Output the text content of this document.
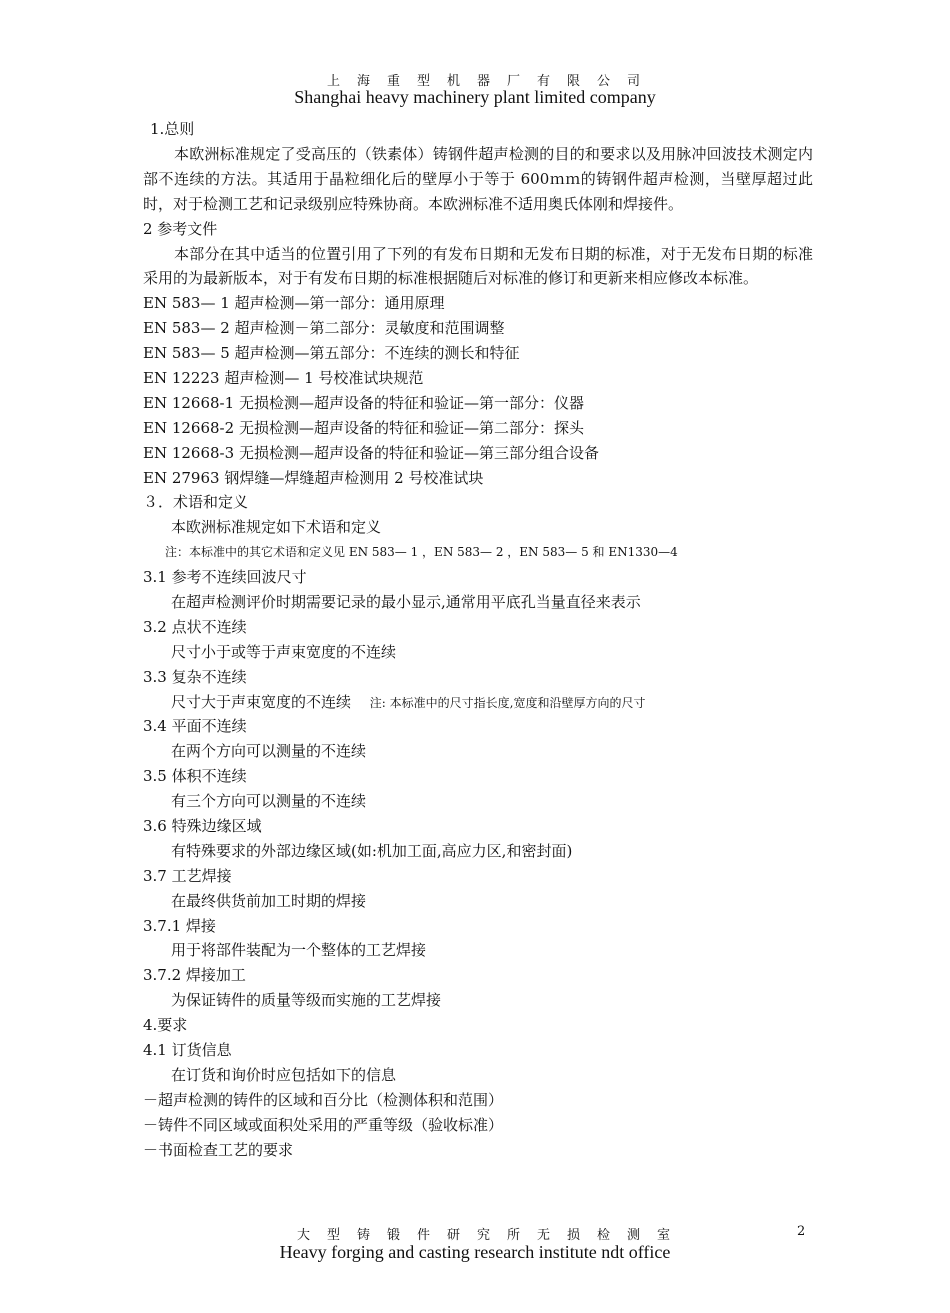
上海重型机器厂有限公司
Shanghai heavy machinery plant limited company
1.总则
本欧洲标准规定了受高压的（铁素体）铸钢件超声检测的目的和要求以及用脉冲回波技术测定内部不连续的方法。其适用于晶粒细化后的壁厚小于等于 600ｍｍ的铸钢件超声检测，当壁厚超过此时，对于检测工艺和记录级别应特殊协商。本欧洲标准不适用奥氏体刚和焊接件。
2 参考文件
本部分在其中适当的位置引用了下列的有发布日期和无发布日期的标准，对于无发布日期的标准采用的为最新版本，对于有发布日期的标准根据随后对标准的修订和更新来相应修改本标准。
EN 583— 1 超声检测—第一部分：通用原理
EN 583— 2 超声检测－第二部分：灵敏度和范围调整
EN 583— 5 超声检测—第五部分：不连续的测长和特征
EN 12223 超声检测— 1 号校准试块规范
EN 12668-1 无损检测—超声设备的特征和验证—第一部分：仪器
EN 12668-2 无损检测—超声设备的特征和验证—第二部分：探头
EN 12668-3 无损检测—超声设备的特征和验证—第三部分组合设备
EN 27963 钢焊缝—焊缝超声检测用 2 号校准试块
３．术语和定义
本欧洲标准规定如下术语和定义
注：本标准中的其它术语和定义见 EN 583— 1 ，EN 583— 2 ，EN 583— 5 和 EN1330—4
3.1 参考不连续回波尺寸
在超声检测评价时期需要记录的最小显示,通常用平底孔当量直径来表示
3.2 点状不连续
尺寸小于或等于声束宽度的不连续
3.3 复杂不连续
尺寸大于声束宽度的不连续 注: 本标准中的尺寸指长度,宽度和沿壁厚方向的尺寸
3.4 平面不连续
在两个方向可以测量的不连续
3.5 体积不连续
有三个方向可以测量的不连续
3.6 特殊边缘区域
有特殊要求的外部边缘区域(如:机加工面,高应力区,和密封面)
3.7 工艺焊接
在最终供货前加工时期的焊接
3.7.1 焊接
用于将部件装配为一个整体的工艺焊接
3.7.2 焊接加工
为保证铸件的质量等级而实施的工艺焊接
4.要求
4.1 订货信息
在订货和询价时应包括如下的信息
－超声检测的铸件的区域和百分比（检测体积和范围）
－铸件不同区域或面积处采用的严重等级（验收标准）
－书面检查工艺的要求
大型铸锻件研究所无损检测室
Heavy forging and casting research institute ndt office
2
